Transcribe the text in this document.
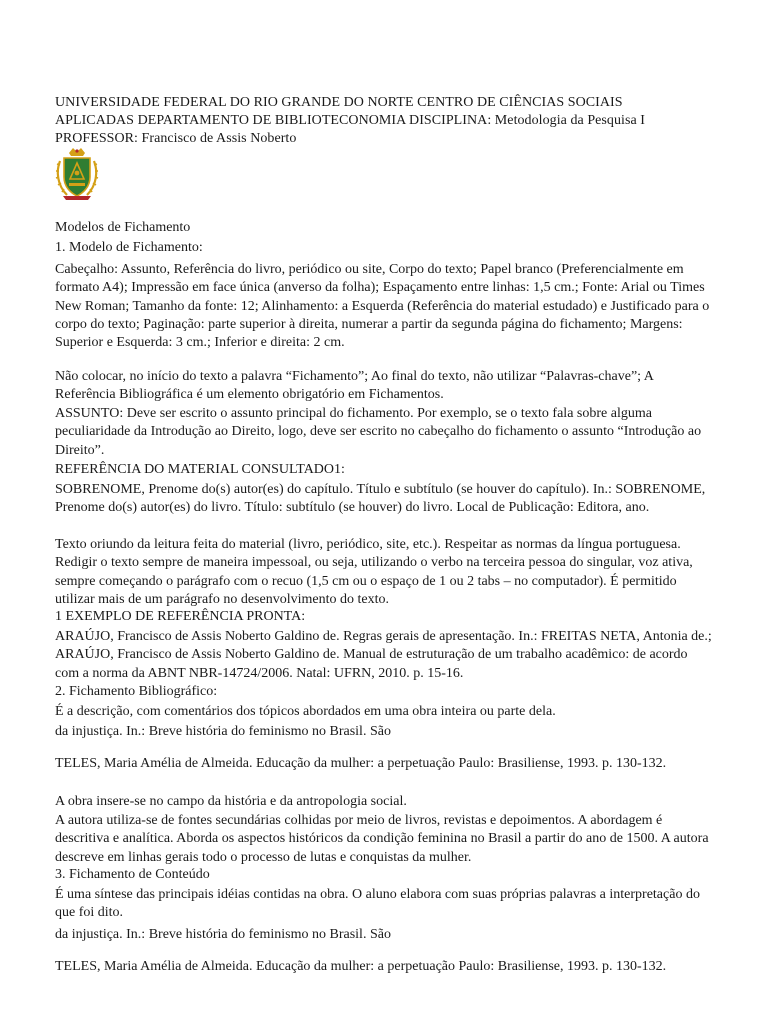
UNIVERSIDADE FEDERAL DO RIO GRANDE DO NORTE CENTRO DE CIÊNCIAS SOCIAIS

APLICADAS DEPARTAMENTO DE BIBLIOTECONOMIA DISCIPLINA: Metodologia da Pesquisa I

PROFESSOR: Francisco de Assis Noberto

Modelos de Fichamento

1. Modelo de Fichamento:

Cabeçalho: Assunto, Referência do livro, periódico ou site, Corpo do texto; Papel branco (Preferencialmente em formato A4); Impressão em face única (anverso da folha); Espaçamento entre linhas: 1,5 cm.; Fonte: Arial ou Times New Roman; Tamanho da fonte: 12; Alinhamento: a Esquerda (Referência do material estudado) e Justificado para o corpo do texto; Paginação: parte superior à direita, numerar a partir da segunda página do fichamento; Margens: Superior e Esquerda: 3 cm.; Inferior e direita: 2 cm.

Não colocar, no início do texto a palavra “Fichamento”; Ao final do texto, não utilizar “Palavras-chave”; A Referência Bibliográfica é um elemento obrigatório em Fichamentos.

ASSUNTO: Deve ser escrito o assunto principal do fichamento. Por exemplo, se o texto fala sobre alguma peculiaridade da Introdução ao Direito, logo, deve ser escrito no cabeçalho do fichamento o assunto “Introdução ao Direito”.

REFERÊNCIA DO MATERIAL CONSULTADO1:

SOBRENOME, Prenome do(s) autor(es) do capítulo. Título e subtítulo (se houver do capítulo). In.: SOBRENOME, Prenome do(s) autor(es) do livro. Título: subtítulo (se houver) do livro. Local de Publicação: Editora, ano.

Texto oriundo da leitura feita do material (livro, periódico, site, etc.). Respeitar as normas da língua portuguesa. Redigir o texto sempre de maneira impessoal, ou seja, utilizando o verbo na terceira pessoa do singular, voz ativa, sempre começando o parágrafo com o recuo (1,5 cm ou o espaço de 1 ou 2 tabs – no computador). É permitido utilizar mais de um parágrafo no desenvolvimento do texto.

1 EXEMPLO DE REFERÊNCIA PRONTA:

ARAÚJO, Francisco de Assis Noberto Galdino de. Regras gerais de apresentação. In.: FREITAS NETA, Antonia de.; ARAÚJO, Francisco de Assis Noberto Galdino de. Manual de estruturação de um trabalho acadêmico: de acordo com a norma da ABNT NBR-14724/2006. Natal: UFRN, 2010. p. 15-16.

2. Fichamento Bibliográfico:

É a descrição, com comentários dos tópicos abordados em uma obra inteira ou parte dela.

da injustiça. In.: Breve história do feminismo no Brasil. São

TELES, Maria Amélia de Almeida. Educação da mulher: a perpetuação Paulo: Brasiliense, 1993. p. 130-132.

A obra insere-se no campo da história e da antropologia social.

A autora utiliza-se de fontes secundárias colhidas por meio de livros, revistas e depoimentos. A abordagem é descritiva e analítica. Aborda os aspectos históricos da condição feminina no Brasil a partir do ano de 1500. A autora descreve em linhas gerais todo o processo de lutas e conquistas da mulher.

3. Fichamento de Conteúdo

É uma síntese das principais idéias contidas na obra. O aluno elabora com suas próprias palavras a interpretação do que foi dito.

da injustiça. In.: Breve história do feminismo no Brasil. São

TELES, Maria Amélia de Almeida. Educação da mulher: a perpetuação Paulo: Brasiliense, 1993. p. 130-132.
